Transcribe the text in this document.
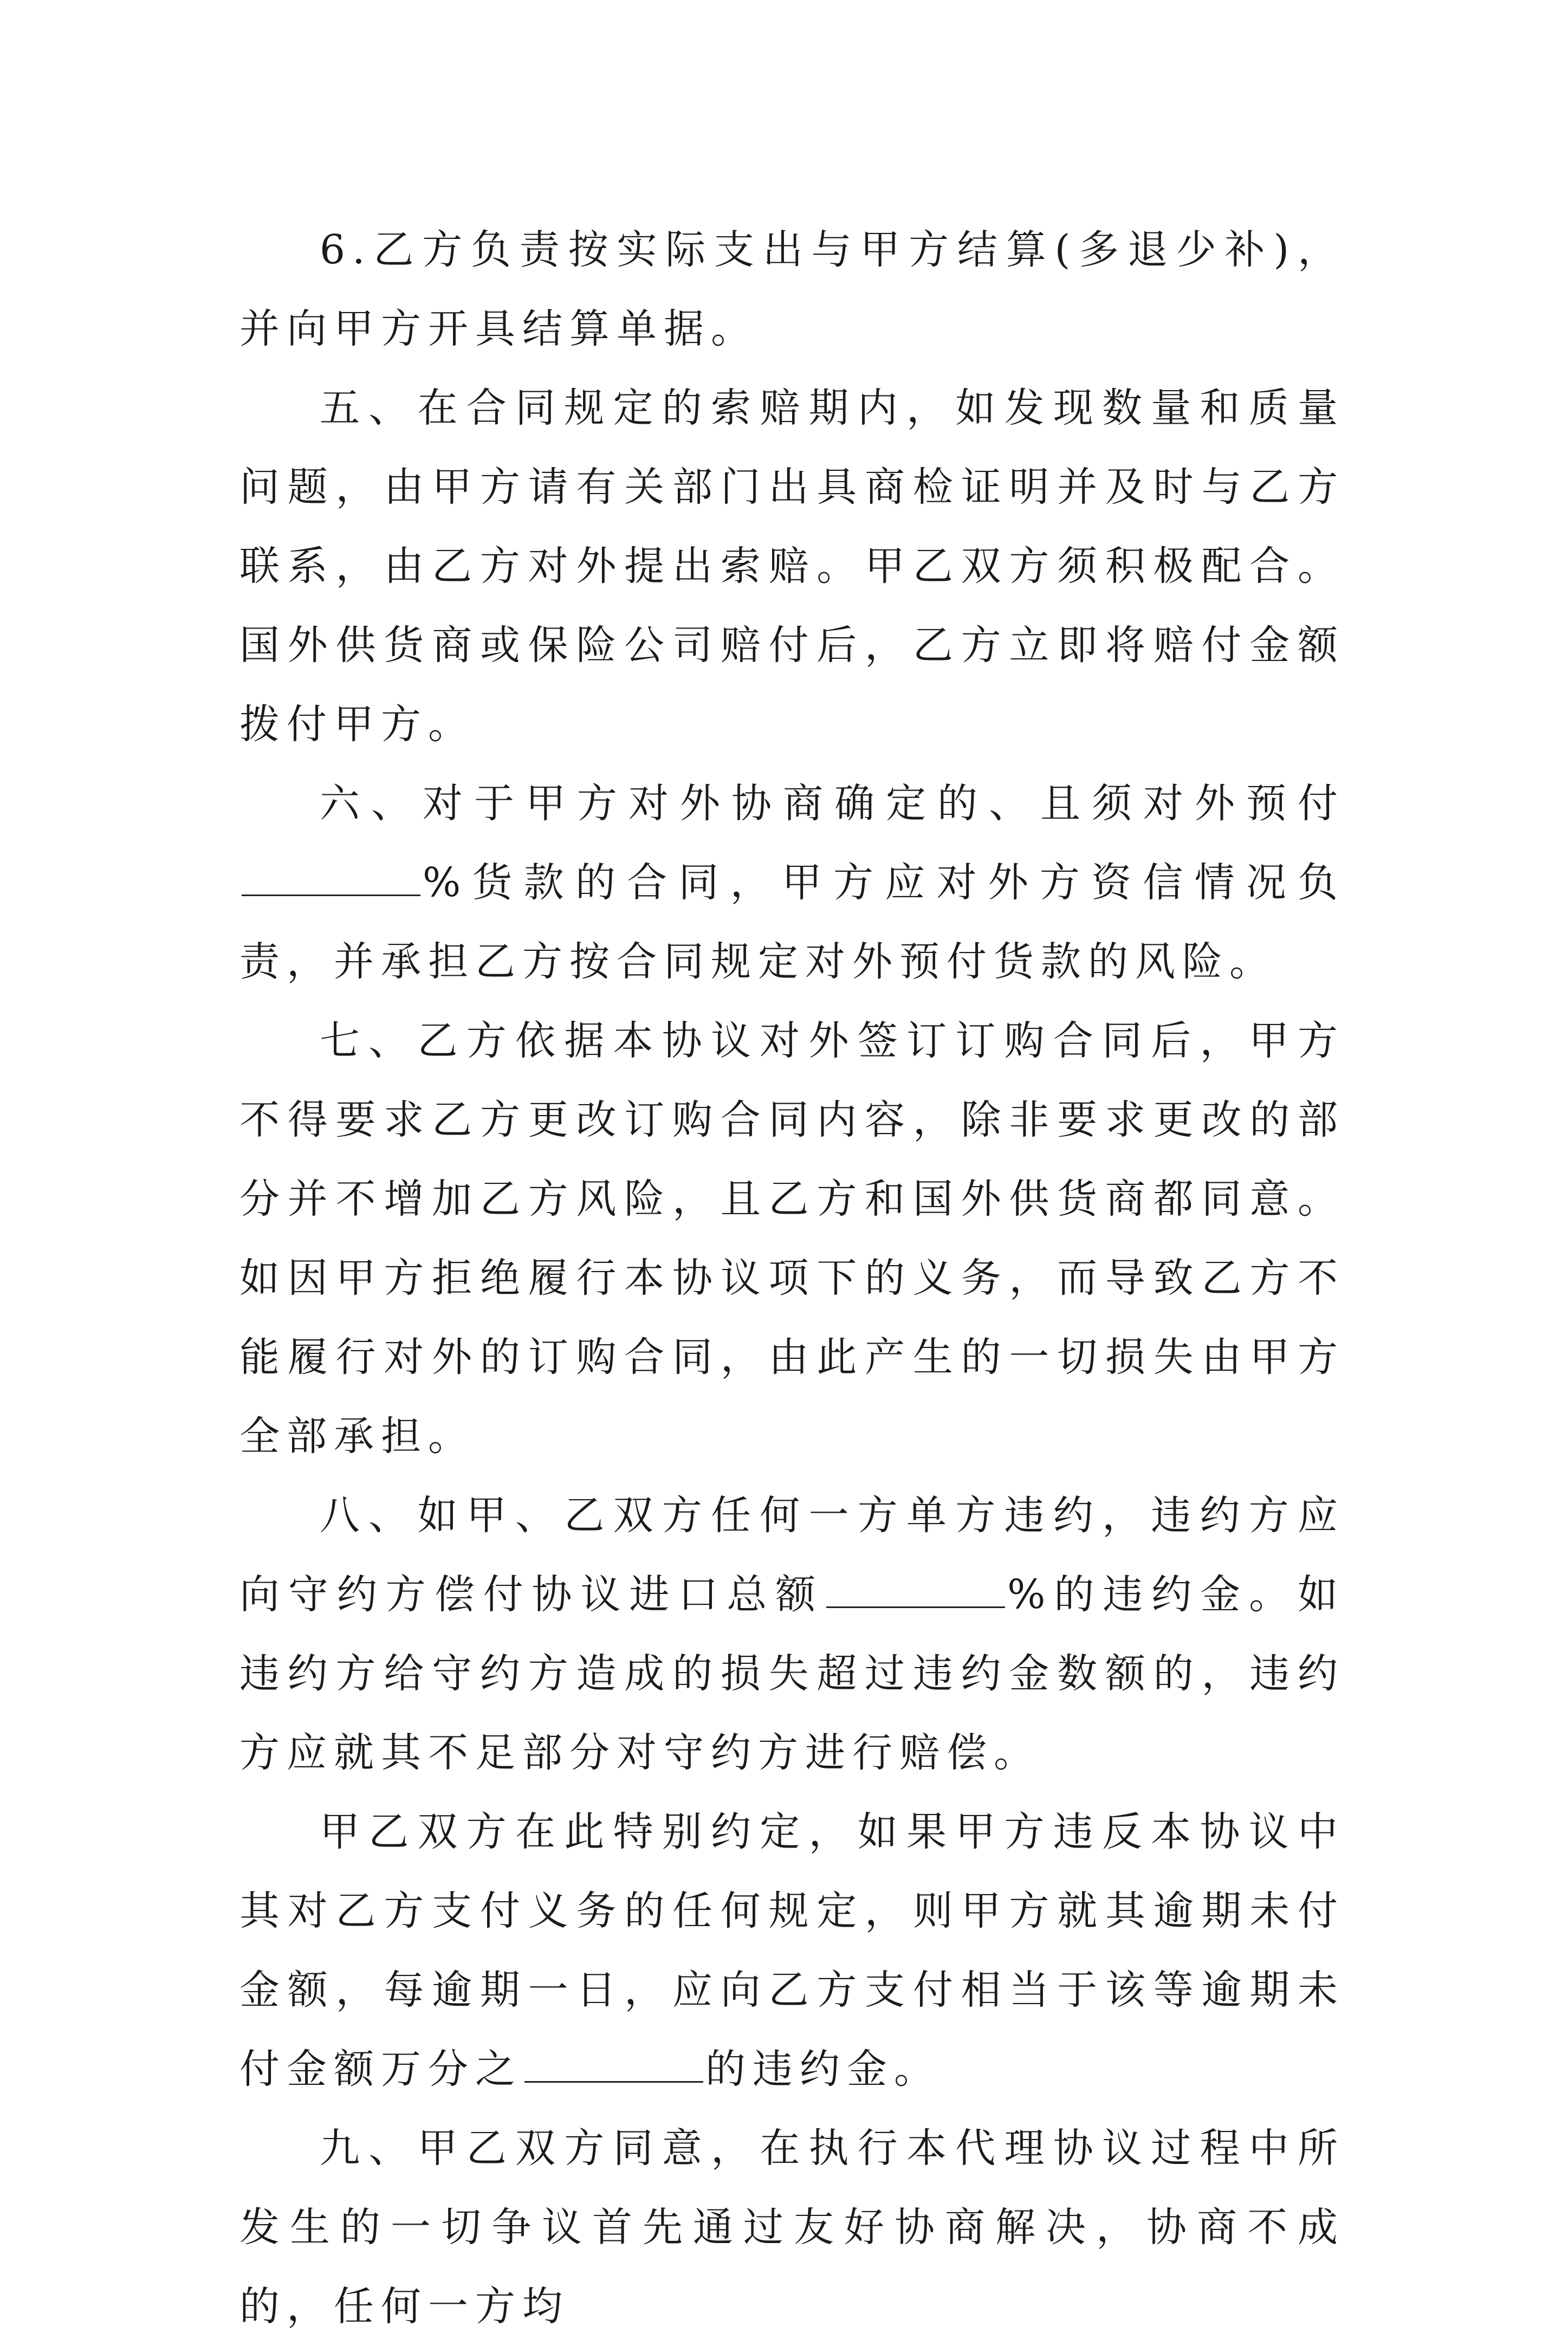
6.乙方负责按实际支出与甲方结算(多退少补)，并向甲方开具结算单据。

五、在合同规定的索赔期内，如发现数量和质量问题，由甲方请有关部门出具商检证明并及时与乙方联系，由乙方对外提出索赔。甲乙双方须积极配合。国外供货商或保险公司赔付后，乙方立即将赔付金额拨付甲方。

六、对于甲方对外协商确定的、且须对外预付%货款的合同，甲方应对外方资信情况负责，并承担乙方按合同规定对外预付货款的风险。

七、乙方依据本协议对外签订订购合同后，甲方不得要求乙方更改订购合同内容，除非要求更改的部分并不增加乙方风险，且乙方和国外供货商都同意。如因甲方拒绝履行本协议项下的义务，而导致乙方不能履行对外的订购合同，由此产生的一切损失由甲方全部承担。

八、如甲、乙双方任何一方单方违约，违约方应向守约方偿付协议进口总额	%的违约金。如违约方给守约方造成的损失超过违约金数额的，违约方应就其不足部分对守约方进行赔偿。

甲乙双方在此特别约定，如果甲方违反本协议中其对乙方支付义务的任何规定，则甲方就其逾期未付金额，每逾期一日，应向乙方支付相当于该等逾期未付金额万分之	的违约金。

九、甲乙双方同意，在执行本代理协议过程中所发生的一切争议首先通过友好协商解决，协商不成的，任何一方均
